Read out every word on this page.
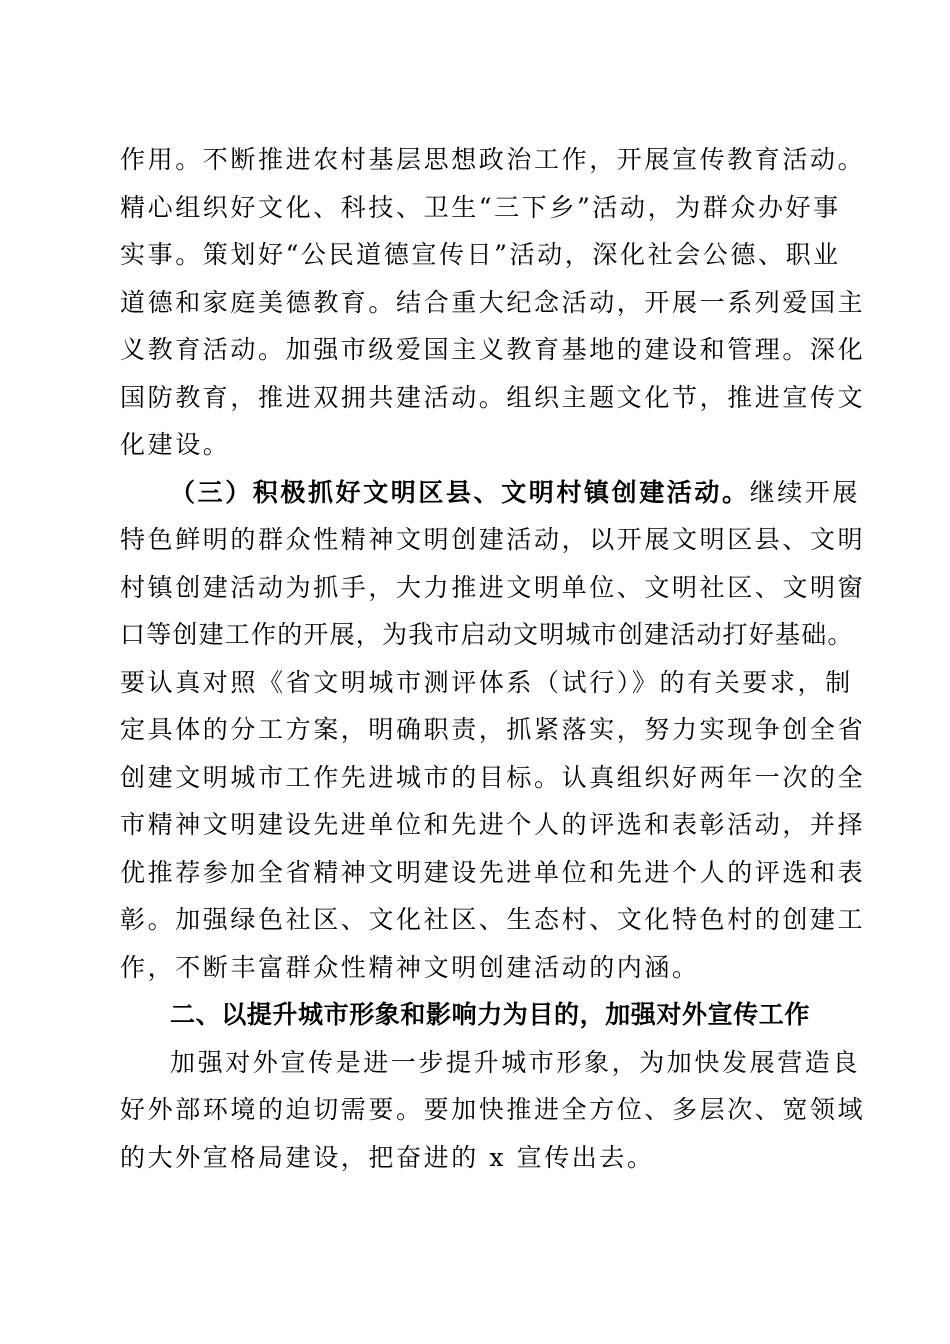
作用。不断推进农村基层思想政治工作，开展宣传教育活动。
精心组织好文化、科技、卫生“三下乡”活动，为群众办好事
实事。策划好“公民道德宣传日”活动，深化社会公德、职业
道德和家庭美德教育。结合重大纪念活动，开展一系列爱国主
义教育活动。加强市级爱国主义教育基地的建设和管理。深化
国防教育，推进双拥共建活动。组织主题文化节，推进宣传文
化建设。
（三）积极抓好文明区县、文明村镇创建活动。继续开展
特色鲜明的群众性精神文明创建活动，以开展文明区县、文明
村镇创建活动为抓手，大力推进文明单位、文明社区、文明窗
口等创建工作的开展，为我市启动文明城市创建活动打好基础。
要认真对照《省文明城市测评体系（试行）》的有关要求，制
定具体的分工方案，明确职责，抓紧落实，努力实现争创全省
创建文明城市工作先进城市的目标。认真组织好两年一次的全
市精神文明建设先进单位和先进个人的评选和表彰活动，并择
优推荐参加全省精神文明建设先进单位和先进个人的评选和表
彰。加强绿色社区、文化社区、生态村、文化特色村的创建工
作，不断丰富群众性精神文明创建活动的内涵。
二、以提升城市形象和影响力为目的，加强对外宣传工作
加强对外宣传是进一步提升城市形象，为加快发展营造良
好外部环境的迫切需要。要加快推进全方位、多层次、宽领域
的大外宣格局建设，把奋进的 x 宣传出去。
